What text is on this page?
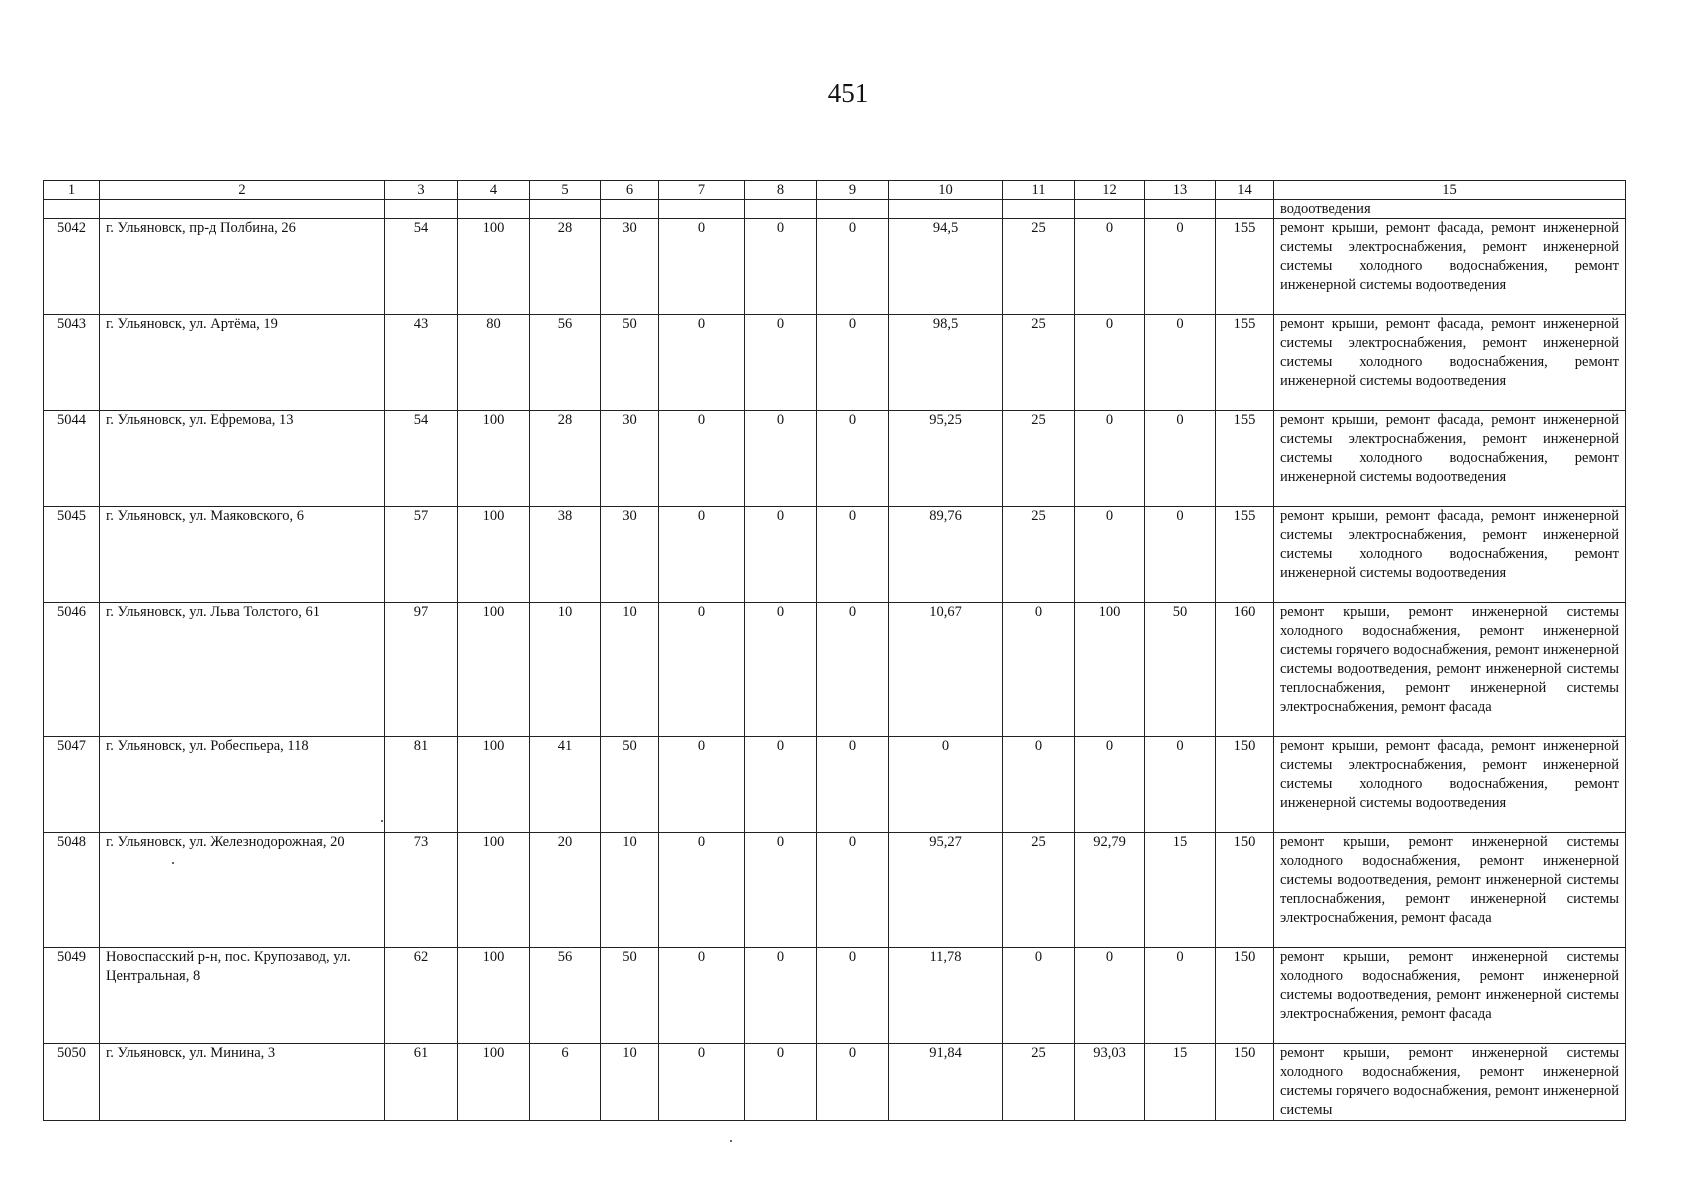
451
1	2	3	4	5	6	7	8	9	10	11	12	13	14	15
														водоотведения
5042	г. Ульяновск, пр-д Полбина, 26	54	100	28	30	0	0	0	94,5	25	0	0	155	ремонт крыши, ремонт фасада, ремонт инженерной системы электроснабжения, ремонт инженерной системы холодного водоснабжения, ремонт инженерной системы водоотведения
5043	г. Ульяновск, ул. Артёма, 19	43	80	56	50	0	0	0	98,5	25	0	0	155	ремонт крыши, ремонт фасада, ремонт инженерной системы электроснабжения, ремонт инженерной системы холодного водоснабжения, ремонт инженерной системы водоотведения
5044	г. Ульяновск, ул. Ефремова, 13	54	100	28	30	0	0	0	95,25	25	0	0	155	ремонт крыши, ремонт фасада, ремонт инженерной системы электроснабжения, ремонт инженерной системы холодного водоснабжения, ремонт инженерной системы водоотведения
5045	г. Ульяновск, ул. Маяковского, 6	57	100	38	30	0	0	0	89,76	25	0	0	155	ремонт крыши, ремонт фасада, ремонт инженерной системы электроснабжения, ремонт инженерной системы холодного водоснабжения, ремонт инженерной системы водоотведения
5046	г. Ульяновск, ул. Льва Толстого, 61	97	100	10	10	0	0	0	10,67	0	100	50	160	ремонт крыши, ремонт инженерной системы холодного водоснабжения, ремонт инженерной системы горячего водоснабжения, ремонт инженерной системы водоотведения, ремонт инженерной системы теплоснабжения, ремонт инженерной системы электроснабжения, ремонт фасада
5047	г. Ульяновск, ул. Робеспьера, 118	81	100	41	50	0	0	0	0	0	0	0	150	ремонт крыши, ремонт фасада, ремонт инженерной системы электроснабжения, ремонт инженерной системы холодного водоснабжения, ремонт инженерной системы водоотведения
5048	г. Ульяновск, ул. Железнодорожная, 20	73	100	20	10	0	0	0	95,27	25	92,79	15	150	ремонт крыши, ремонт инженерной системы холодного водоснабжения, ремонт инженерной системы водоотведения, ремонт инженерной системы теплоснабжения, ремонт инженерной системы электроснабжения, ремонт фасада
5049	Новоспасский р-н, пос. Крупозавод, ул. Центральная, 8	62	100	56	50	0	0	0	11,78	0	0	0	150	ремонт крыши, ремонт инженерной системы холодного водоснабжения, ремонт инженерной системы водоотведения, ремонт инженерной системы электроснабжения, ремонт фасада
5050	г. Ульяновск, ул. Минина, 3	61	100	6	10	0	0	0	91,84	25	93,03	15	150	ремонт крыши, ремонт инженерной системы холодного водоснабжения, ремонт инженерной системы горячего водоснабжения, ремонт инженерной системы
